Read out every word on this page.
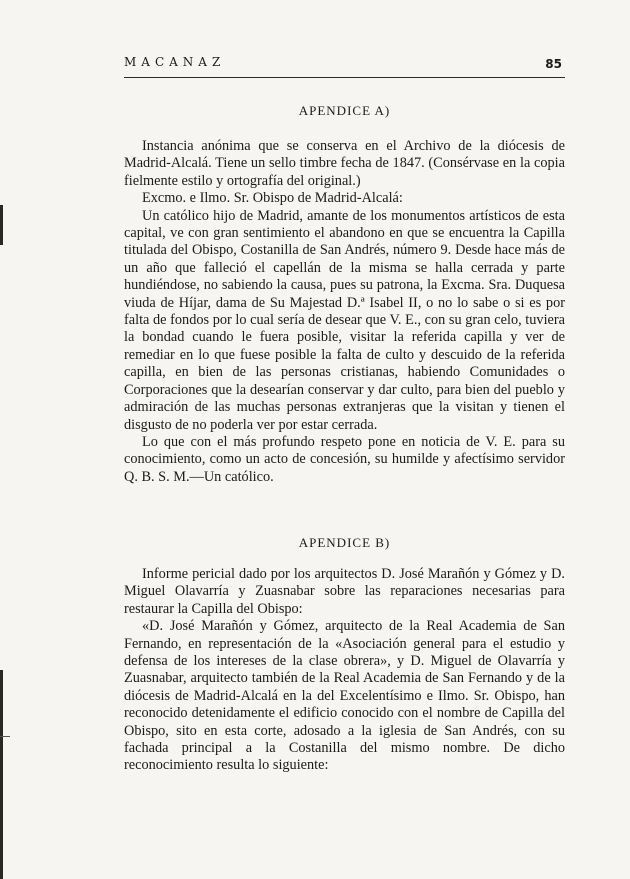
MACANAZ	85
APENDICE A)

Instancia anónima que se conserva en el Archivo de la diócesis de Madrid-Alcalá. Tiene un sello timbre fecha de 1847. (Consérvase en la copia fielmente estilo y ortografía del original.)

Excmo. e Ilmo. Sr. Obispo de Madrid-Alcalá:

Un católico hijo de Madrid, amante de los monumentos artísticos de esta capital, ve con gran sentimiento el abandono en que se encuentra la Capilla titulada del Obispo, Costanilla de San Andrés, número 9. Desde hace más de un año que falleció el capellán de la misma se halla cerrada y parte hundiéndose, no sabiendo la causa, pues su patrona, la Excma. Sra. Duquesa viuda de Híjar, dama de Su Majestad D.ª Isabel II, o no lo sabe o si es por falta de fondos por lo cual sería de desear que V. E., con su gran celo, tuviera la bondad cuando le fuera posible, visitar la referida capilla y ver de remediar en lo que fuese posible la falta de culto y descuido de la referida capilla, en bien de las personas cristianas, habiendo Comunidades o Corporaciones que la desearían conservar y dar culto, para bien del pueblo y admiración de las muchas personas extranjeras que la visitan y tienen el disgusto de no poderla ver por estar cerrada.

Lo que con el más profundo respeto pone en noticia de V. E. para su conocimiento, como un acto de concesión, su humilde y afectísimo servidor Q. B. S. M.—Un católico.

APENDICE B)

Informe pericial dado por los arquitectos D. José Marañón y Gómez y D. Miguel Olavarría y Zuasnabar sobre las reparaciones necesarias para restaurar la Capilla del Obispo:

«D. José Marañón y Gómez, arquitecto de la Real Academia de San Fernando, en representación de la «Asociación general para el estudio y defensa de los intereses de la clase obrera», y D. Miguel de Olavarría y Zuasnabar, arquitecto también de la Real Academia de San Fernando y de la diócesis de Madrid-Alcalá en la del Excelentísimo e Ilmo. Sr. Obispo, han reconocido detenidamente el edificio conocido con el nombre de Capilla del Obispo, sito en esta corte, adosado a la iglesia de San Andrés, con su fachada principal a la Costanilla del mismo nombre. De dicho reconocimiento resulta lo siguiente:
